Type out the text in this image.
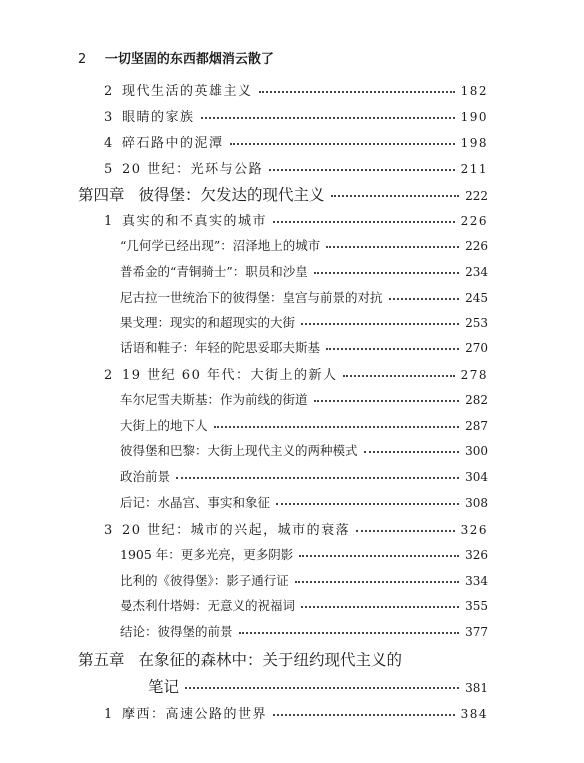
2 一切坚固的东西都烟消云散了
2 现代生活的英雄主义	182
3 眼睛的家族	190
4 碎石路中的泥潭	198
5 20 世纪：光环与公路	211
第四章 彼得堡：欠发达的现代主义	222
1 真实的和不真实的城市	226
“几何学已经出现”：沼泽地上的城市	226
普希金的“青铜骑士”：职员和沙皇	234
尼古拉一世统治下的彼得堡：皇宫与前景的对抗	245
果戈理：现实的和超现实的大街	253
话语和鞋子：年轻的陀思妥耶夫斯基	270
2 19 世纪 60 年代：大街上的新人	278
车尔尼雪夫斯基：作为前线的街道	282
大街上的地下人	287
彼得堡和巴黎：大街上现代主义的两种模式	300
政治前景	304
后记：水晶宫、事实和象征	308
3 20 世纪：城市的兴起，城市的衰落	326
1905 年：更多光亮，更多阴影	326
比利的《彼得堡》：影子通行证	334
曼杰利什塔姆：无意义的祝福词	355
结论：彼得堡的前景	377
第五章 在象征的森林中：关于纽约现代主义的
笔记	381
1 摩西：高速公路的世界	384
